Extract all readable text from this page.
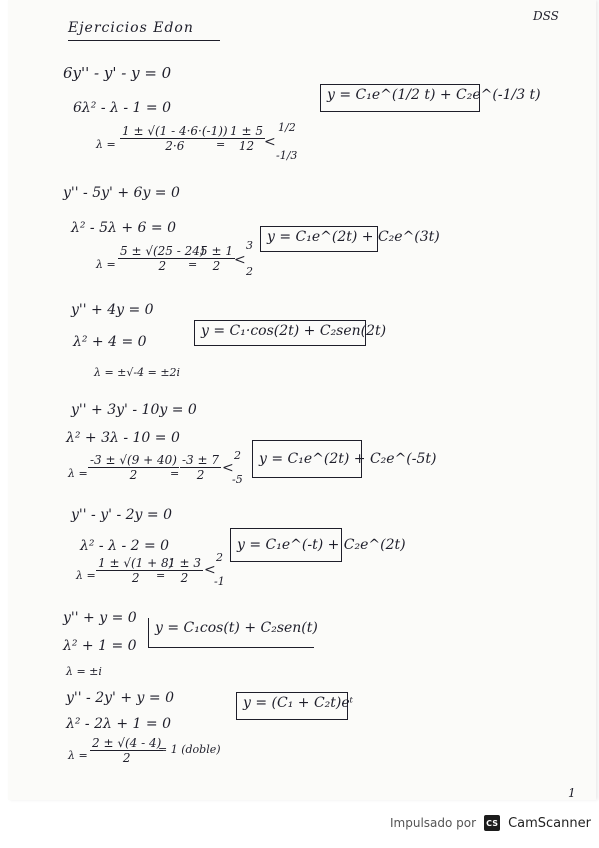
Ejercicios Edon
DSS
6y'' - y' - y = 0
6λ² - λ - 1 = 0
$\lambda = \frac{1 \pm √(1 - 4\cdot 6\cdot(-1))}{2\cdot 6}$
= $\frac{1 \pm 5}{12}$ <
1/2
-1/3
y = C₁e^(1/2 t) + C₂e^(-1/3 t)
y'' - 5y' + 6y = 0
λ² - 5λ + 6 = 0
$\lambda = \frac{5 \pm √(25 - 24)}{2}$
= $\frac{5 \pm 1}{2}$ <
3
2
y = C₁e^(2t) + C₂e^(3t)
y'' + 4y = 0
λ² + 4 = 0
λ = ±√-4 = ±2i
y = C₁·cos(2t) + C₂sen(2t)
y'' + 3y' - 10y = 0
λ² + 3λ - 10 = 0
$\lambda = \frac{-3 \pm √(9 + 40)}{2}$
= $\frac{-3 \pm 7}{2}$ <
2
-5
y = C₁e^(2t) + C₂e^(-5t)
y'' - y' - 2y = 0
λ² - λ - 2 = 0
$\lambda = \frac{1 \pm √(1 + 8)}{2}$
= $\frac{1 \pm 3}{2}$ <
2
-1
y = C₁e^(-t) + C₂e^(2t)
y'' + y = 0
λ² + 1 = 0
λ = ±i
y = C₁cos(t) + C₂sen(t)
y'' - 2y' + y = 0
λ² - 2λ + 1 = 0
$\lambda = \frac{2 \pm √(4 - 4)}{2}$
= 1 (doble)
y = (C₁ + C₂t)eᵗ
1
Impulsado por CS CamScanner
